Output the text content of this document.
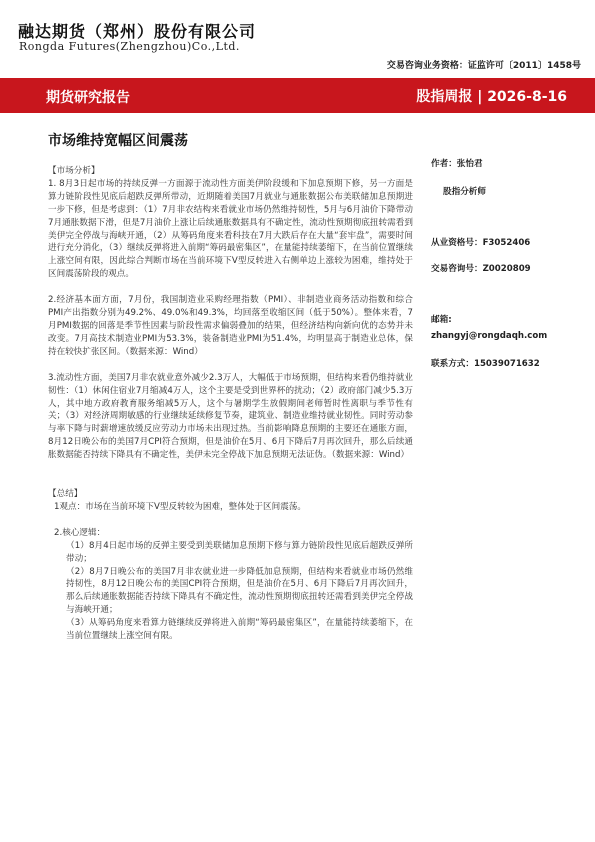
融达期货（郑州）股份有限公司
Rongda Futures(Zhengzhou)Co.,Ltd.
交易咨询业务资格：证监许可〔2011〕1458号
期货研究报告	股指周报 | 2026-8-16
市场维持宽幅区间震荡

【市场分析】

1. 8月3日起市场的持续反弹一方面源于流动性方面美伊阶段缓和下加息预期下修，另一方面是算力链阶段性见底后超跌反弹所带动，近期随着美国7月就业与通胀数据公布美联储加息预期进一步下修，但是考虑到：（1）7月非农结构来看就业市场仍然维持韧性，5月与6月油价下降带动7月通胀数据下滑，但是7月油价上涨让后续通胀数据具有不确定性，流动性预期彻底扭转需看到美伊完全停战与海峡开通，（2）从筹码角度来看科技在7月大跌后存在大量“套牢盘”，需要时间进行充分消化，（3）继续反弹将进入前期“筹码最密集区”，在量能持续萎缩下，在当前位置继续上涨空间有限，因此综合判断市场在当前环境下V型反转进入右侧单边上涨较为困难，维持处于区间震荡阶段的观点。

2.经济基本面方面，7月份，我国制造业采购经理指数（PMI）、非制造业商务活动指数和综合PMI产出指数分别为49.2%、49.0%和49.3%，均回落至收缩区间（低于50%）。整体来看，7月PMI数据的回落是季节性因素与阶段性需求偏弱叠加的结果，但经济结构向新向优的态势并未改变。7月高技术制造业PMI为53.3%，装备制造业PMI为51.4%，均明显高于制造业总体，保持在较快扩张区间。（数据来源：Wind）

3.流动性方面，美国7月非农就业意外减少2.3万人，大幅低于市场预期，但结构来看仍维持就业韧性：（1）休闲住宿业7月缩减4万人，这个主要是受到世界杯的扰动；（2）政府部门减少5.3万人，其中地方政府教育服务缩减5万人，这个与暑期学生放假期间老师暂时性离职与季节性有关；（3）对经济周期敏感的行业继续延续修复节奏，建筑业、制造业维持就业韧性。同时劳动参与率下降与时薪增速放缓反应劳动力市场未出现过热。当前影响降息预期的主要还在通胀方面，8月12日晚公布的美国7月CPI符合预期，但是油价在5月、6月下降后7月再次回升，那么后续通胀数据能否持续下降具有不确定性，美伊未完全停战下加息预期无法证伪。（数据来源：Wind）

【总结】

1观点：市场在当前环境下V型反转较为困难，整体处于区间震荡。

2.核心逻辑：

（1）8月4日起市场的反弹主要受到美联储加息预期下修与算力链阶段性见底后超跌反弹所带动；

（2）8月7日晚公布的美国7月非农就业进一步降低加息预期，但结构来看就业市场仍然维持韧性，8月12日晚公布的美国CPI符合预期，但是油价在5月、6月下降后7月再次回升，那么后续通胀数据能否持续下降具有不确定性，流动性预期彻底扭转还需看到美伊完全停战与海峡开通；

（3）从筹码角度来看算力链继续反弹将进入前期“筹码最密集区”，在量能持续萎缩下，在当前位置继续上涨空间有限。

作者：张怡君
股指分析师
从业资格号：F3052406
交易咨询号：Z0020809
邮箱:
zhangyj@rongdaqh.com
联系方式：15039071632
